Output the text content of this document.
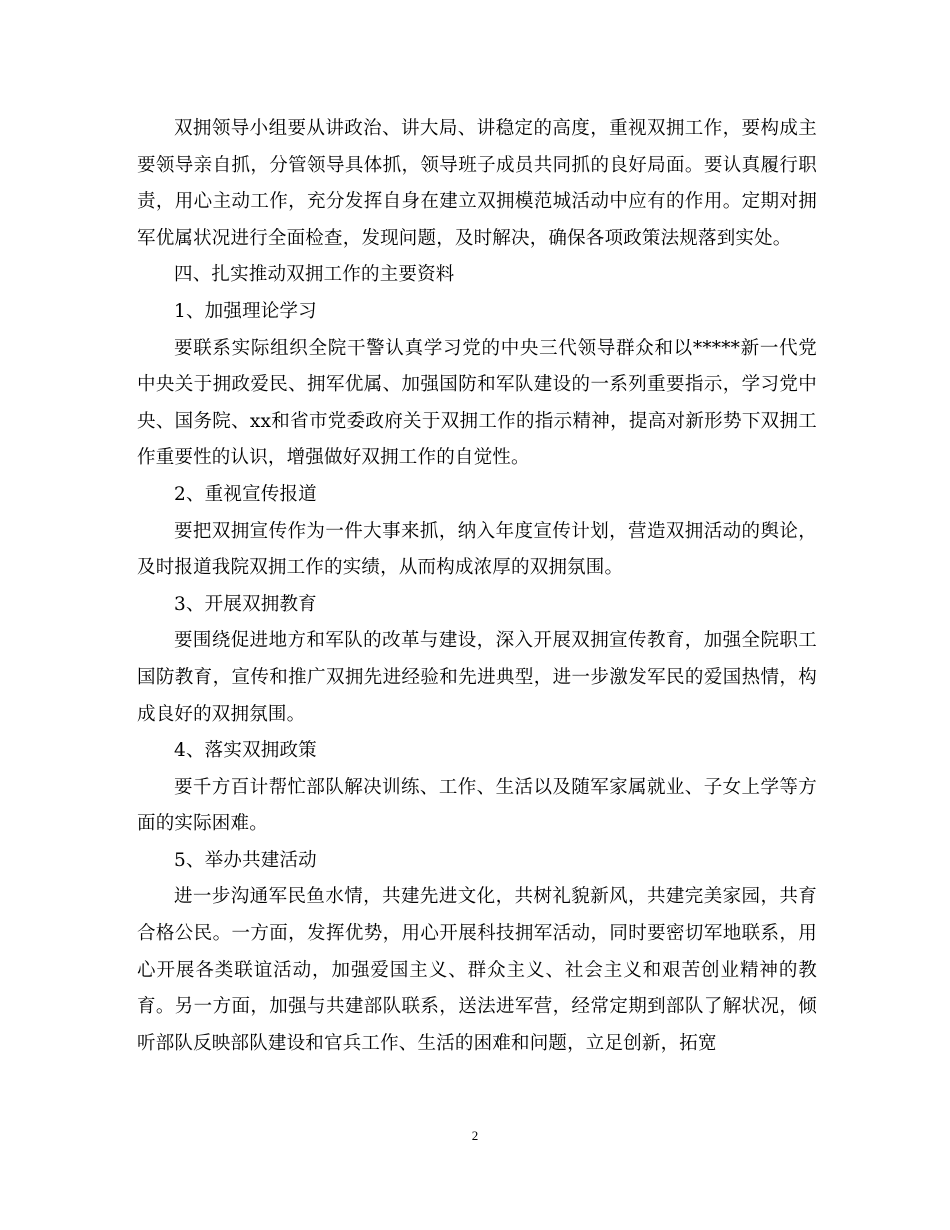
双拥领导小组要从讲政治、讲大局、讲稳定的高度，重视双拥工作，要构成主要领导亲自抓，分管领导具体抓，领导班子成员共同抓的良好局面。要认真履行职责，用心主动工作，充分发挥自身在建立双拥模范城活动中应有的作用。定期对拥军优属状况进行全面检查，发现问题，及时解决，确保各项政策法规落到实处。

四、扎实推动双拥工作的主要资料

1、加强理论学习

要联系实际组织全院干警认真学习党的中央三代领导群众和以*****新一代党中央关于拥政爱民、拥军优属、加强国防和军队建设的一系列重要指示，学习党中央、国务院、xx和省市党委政府关于双拥工作的指示精神，提高对新形势下双拥工作重要性的认识，增强做好双拥工作的自觉性。

2、重视宣传报道

要把双拥宣传作为一件大事来抓，纳入年度宣传计划，营造双拥活动的舆论，及时报道我院双拥工作的实绩，从而构成浓厚的双拥氛围。

3、开展双拥教育

要围绕促进地方和军队的改革与建设，深入开展双拥宣传教育，加强全院职工国防教育，宣传和推广双拥先进经验和先进典型，进一步激发军民的爱国热情，构成良好的双拥氛围。

4、落实双拥政策

要千方百计帮忙部队解决训练、工作、生活以及随军家属就业、子女上学等方面的实际困难。

5、举办共建活动

进一步沟通军民鱼水情，共建先进文化，共树礼貌新风，共建完美家园，共育合格公民。一方面，发挥优势，用心开展科技拥军活动，同时要密切军地联系，用心开展各类联谊活动，加强爱国主义、群众主义、社会主义和艰苦创业精神的教育。另一方面，加强与共建部队联系，送法进军营，经常定期到部队了解状况，倾听部队反映部队建设和官兵工作、生活的困难和问题，立足创新，拓宽

2
